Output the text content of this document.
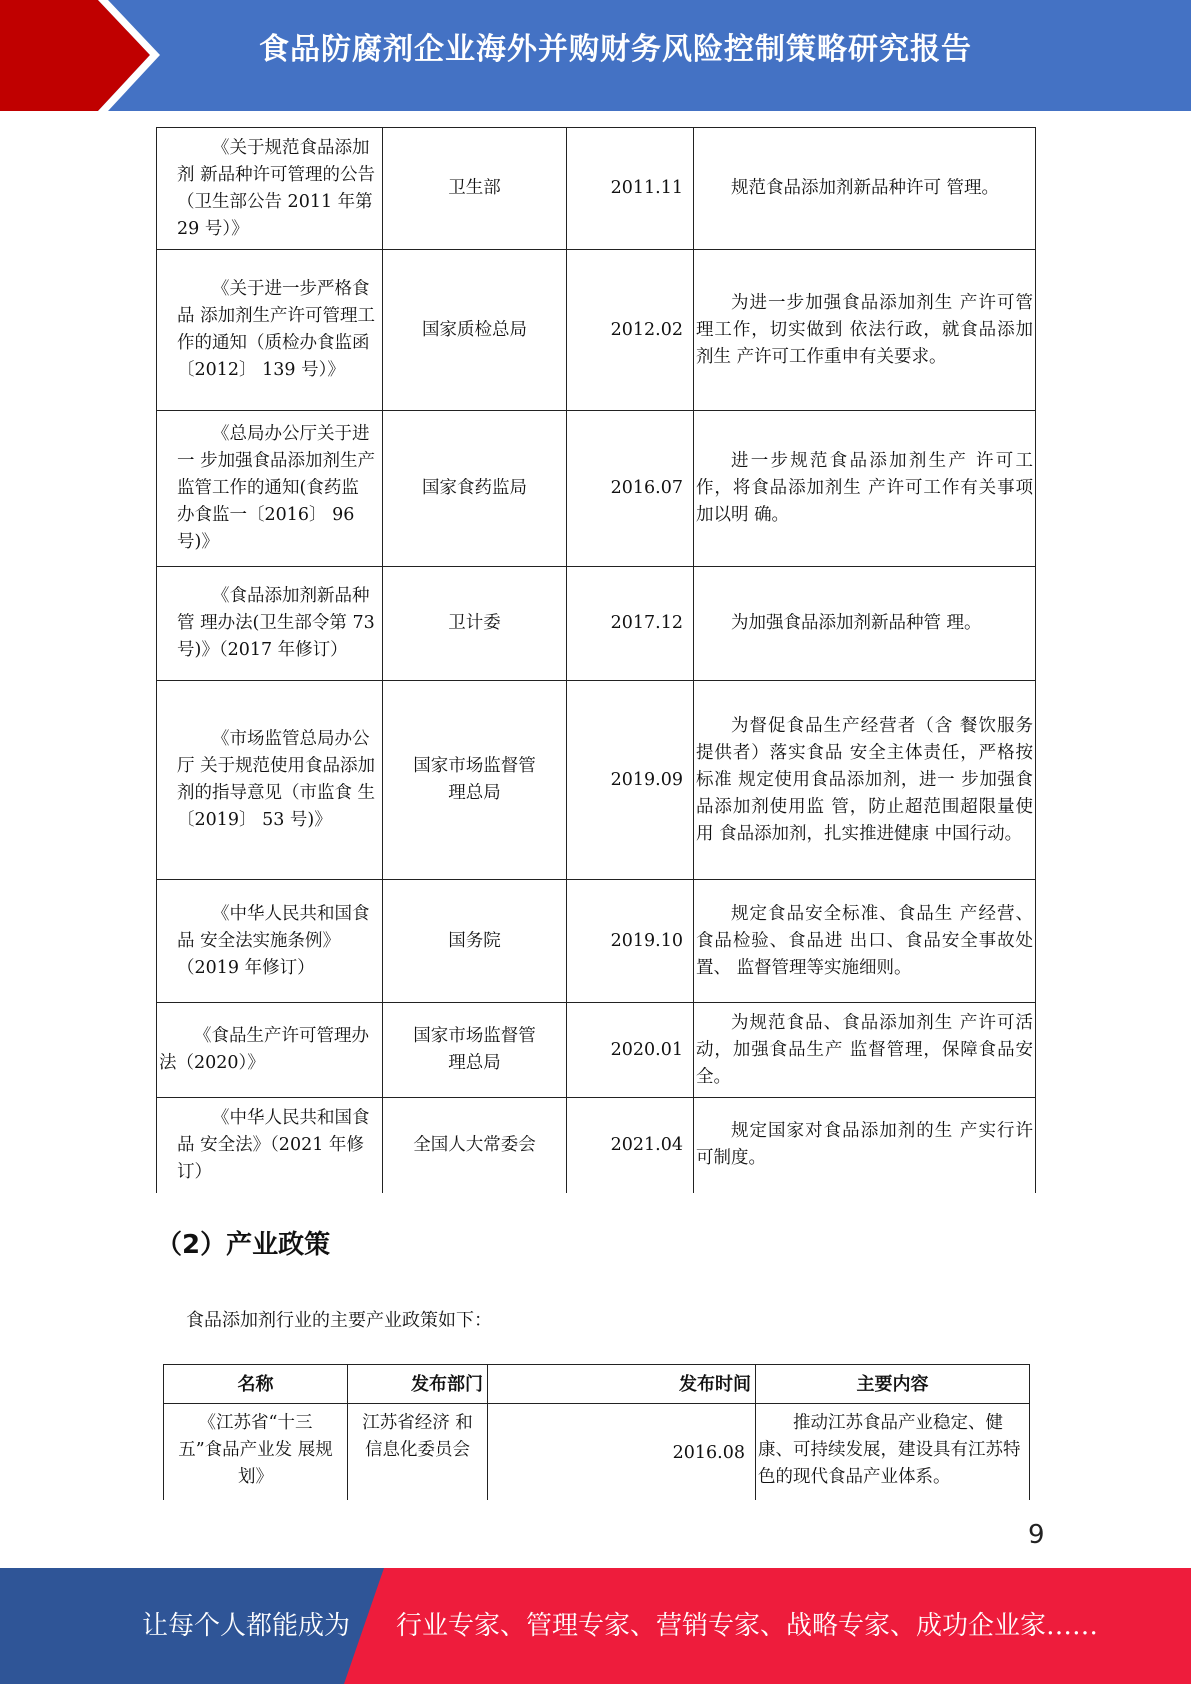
食品防腐剂企业海外并购财务风险控制策略研究报告
《关于规范食品添加剂 新品种许可管理的公告（卫生部公告 2011 年第 29 号）》	卫生部	2011.11	规范食品添加剂新品种许可 管理。
《关于进一步严格食品 添加剂生产许可管理工 作的通知（质检办食监函〔2012〕 139 号）》	国家质检总局	2012.02	为进一步加强食品添加剂生 产许可管理工作，切实做到 依法行政，就食品添加剂生 产许可工作重申有关要求。
《总局办公厅关于进一 步加强食品添加剂生产 监管工作的通知(食药监 办食监一〔2016〕 96 号)》	国家食药监局	2016.07	进一步规范食品添加剂生产 许可工作，将食品添加剂生 产许可工作有关事项加以明 确。
《食品添加剂新品种管 理办法(卫生部令第 73 号)》（2017 年修订）	卫计委	2017.12	为加强食品添加剂新品种管 理。
《市场监管总局办公厅 关于规范使用食品添加 剂的指导意见（市监食 生〔2019〕 53 号)》	国家市场监督管理总局	2019.09	为督促食品生产经营者（含 餐饮服务提供者）落实食品 安全主体责任，严格按标准 规定使用食品添加剂，进一 步加强食品添加剂使用监 管，防止超范围超限量使用 食品添加剂，扎实推进健康 中国行动。
《中华人民共和国食品 安全法实施条例》（2019 年修订）	国务院	2019.10	规定食品安全标准、食品生 产经营、食品检验、食品进 出口、食品安全事故处置、 监督管理等实施细则。
《食品生产许可管理办法（2020）》	国家市场监督管理总局	2020.01	为规范食品、食品添加剂生 产许可活动，加强食品生产 监督管理，保障食品安全。
《中华人民共和国食品 安全法》（2021 年修订）	全国人大常委会	2021.04	规定国家对食品添加剂的生 产实行许可制度。
（2）产业政策
食品添加剂行业的主要产业政策如下：
名称	发布部门	发布时间	主要内容
《江苏省“十三 五”食品产业发 展规划》	江苏省经济 和信息化委员会	2016.08	推动江苏食品产业稳定、健康、可持续发展，建设具有江苏特色的现代食品产业体系。
9
让每个人都能成为 行业专家、管理专家、营销专家、战略专家、成功企业家……
